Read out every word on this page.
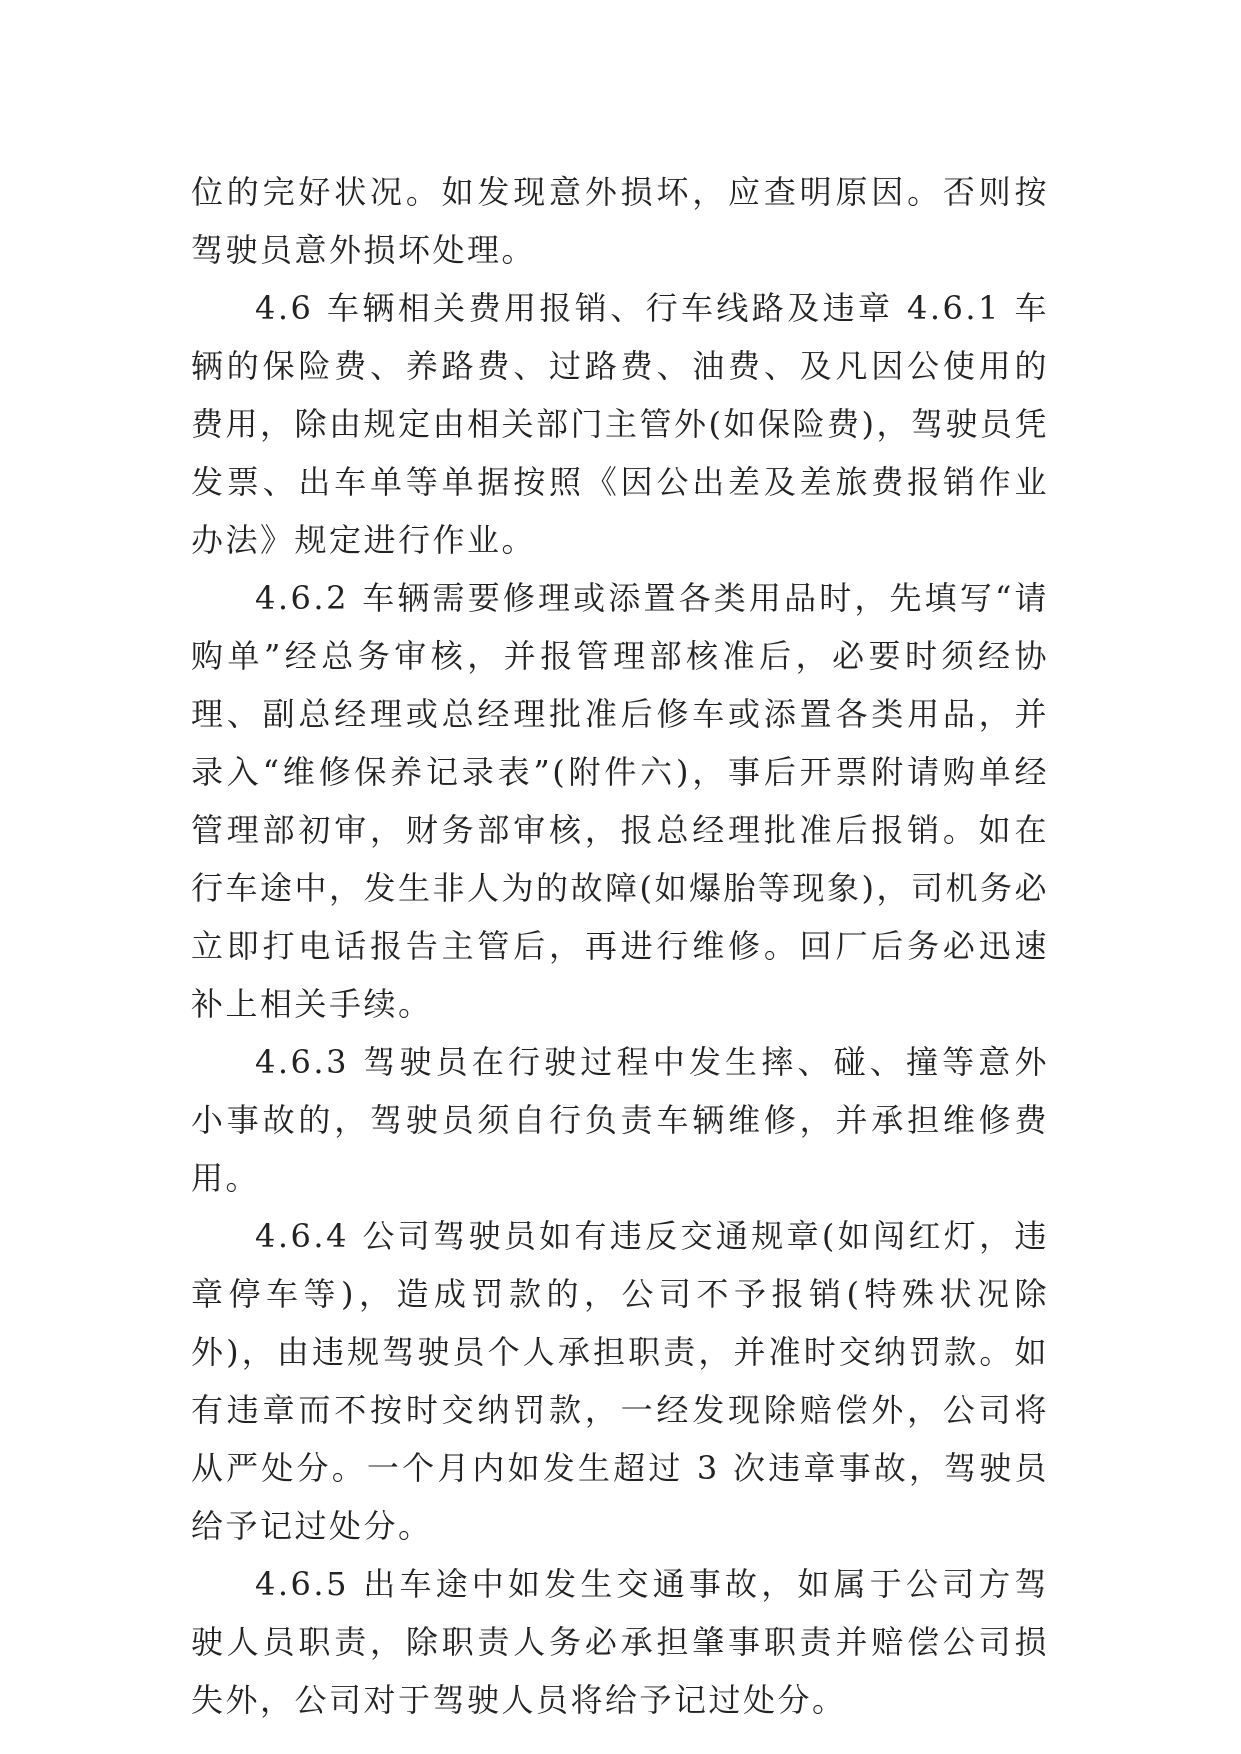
位的完好状况。如发现意外损坏，应查明原因。否则按驾驶员意外损坏处理。

4.6 车辆相关费用报销、行车线路及违章 4.6.1 车辆的保险费、养路费、过路费、油费、及凡因公使用的费用，除由规定由相关部门主管外(如保险费)，驾驶员凭发票、出车单等单据按照《因公出差及差旅费报销作业办法》规定进行作业。

4.6.2 车辆需要修理或添置各类用品时，先填写“请购单”经总务审核，并报管理部核准后，必要时须经协理、副总经理或总经理批准后修车或添置各类用品，并录入“维修保养记录表”(附件六)，事后开票附请购单经管理部初审，财务部审核，报总经理批准后报销。如在行车途中，发生非人为的故障(如爆胎等现象)，司机务必立即打电话报告主管后，再进行维修。回厂后务必迅速补上相关手续。

4.6.3 驾驶员在行驶过程中发生摔、碰、撞等意外小事故的，驾驶员须自行负责车辆维修，并承担维修费用。

4.6.4 公司驾驶员如有违反交通规章(如闯红灯，违章停车等)，造成罚款的，公司不予报销(特殊状况除外)，由违规驾驶员个人承担职责，并准时交纳罚款。如有违章而不按时交纳罚款，一经发现除赔偿外，公司将从严处分。一个月内如发生超过 3 次违章事故，驾驶员给予记过处分。

4.6.5 出车途中如发生交通事故，如属于公司方驾驶人员职责，除职责人务必承担肇事职责并赔偿公司损失外，公司对于驾驶人员将给予记过处分。
